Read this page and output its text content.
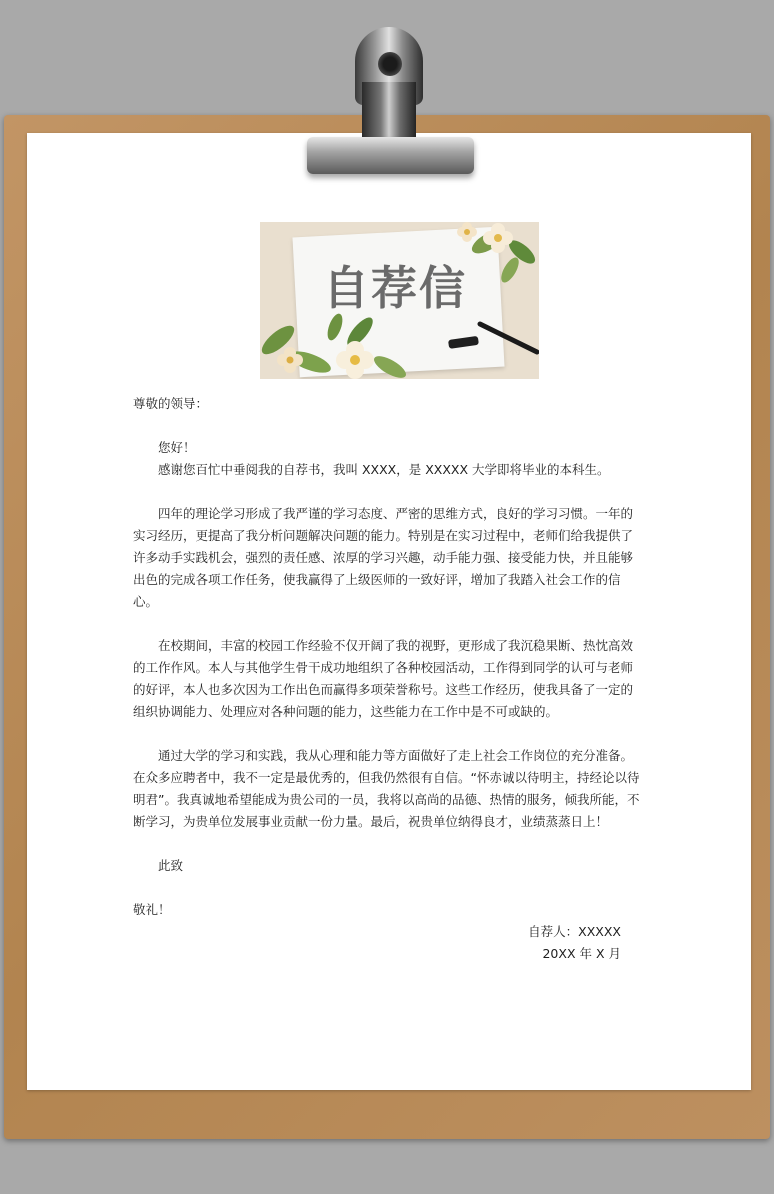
自荐信

尊敬的领导：

您好！

感谢您百忙中垂阅我的自荐书，我叫 XXXX，是 XXXXX 大学即将毕业的本科生。

四年的理论学习形成了我严谨的学习态度、严密的思维方式，良好的学习习惯。一年的实习经历，更提高了我分析问题解决问题的能力。特别是在实习过程中，老师们给我提供了许多动手实践机会，强烈的责任感、浓厚的学习兴趣，动手能力强、接受能力快，并且能够出色的完成各项工作任务，使我赢得了上级医师的一致好评，增加了我踏入社会工作的信心。

在校期间，丰富的校园工作经验不仅开阔了我的视野，更形成了我沉稳果断、热忱高效的工作作风。本人与其他学生骨干成功地组织了各种校园活动，工作得到同学的认可与老师的好评，本人也多次因为工作出色而赢得多项荣誉称号。这些工作经历，使我具备了一定的组织协调能力、处理应对各种问题的能力，这些能力在工作中是不可或缺的。

通过大学的学习和实践，我从心理和能力等方面做好了走上社会工作岗位的充分准备。在众多应聘者中，我不一定是最优秀的，但我仍然很有自信。“怀赤诚以待明主，持经论以待明君”。我真诚地希望能成为贵公司的一员，我将以高尚的品德、热情的服务，倾我所能，不断学习，为贵单位发展事业贡献一份力量。最后，祝贵单位纳得良才，业绩蒸蒸日上！

此致

敬礼！

自荐人：XXXXX

20XX 年 X 月
